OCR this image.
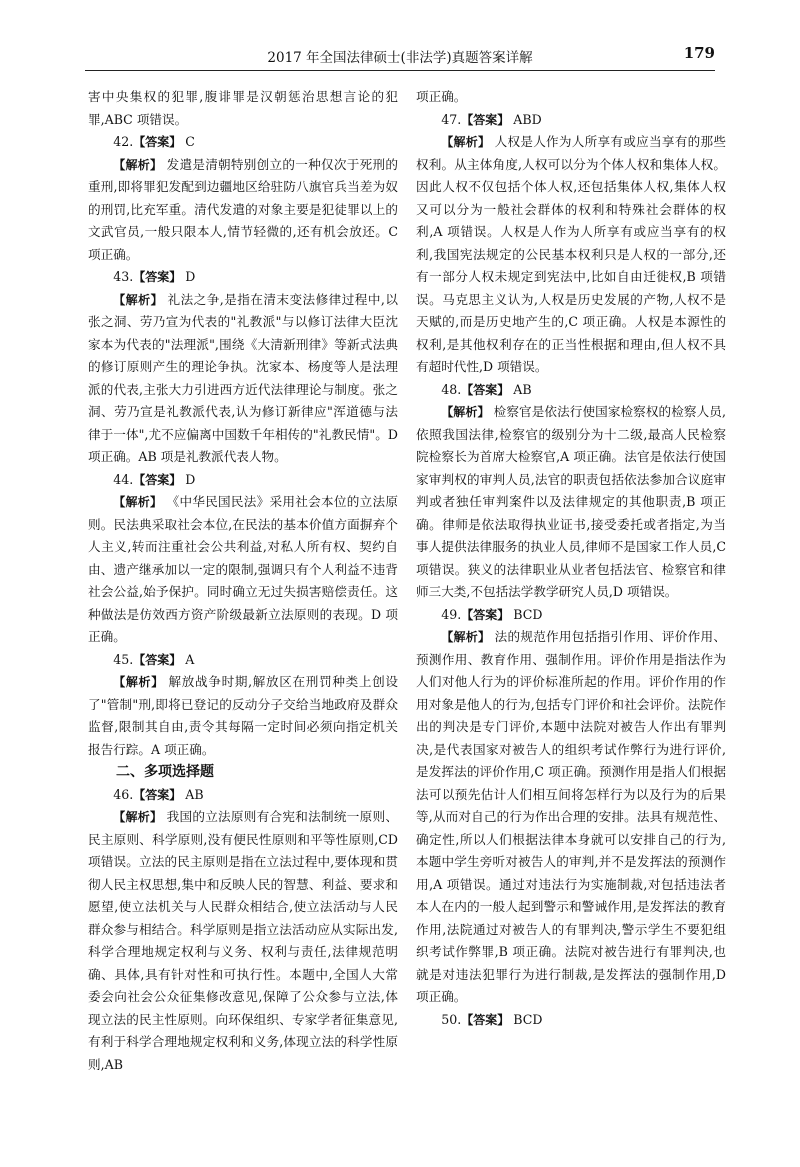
2017 年全国法律硕士(非法学)真题答案详解	179

害中央集权的犯罪,腹诽罪是汉朝惩治思想言论的犯罪,ABC 项错误。

42.【答案】 C

【解析】 发遣是清朝特别创立的一种仅次于死刑的重刑,即将罪犯发配到边疆地区给驻防八旗官兵当差为奴的刑罚,比充军重。清代发遣的对象主要是犯徒罪以上的文武官员,一般只限本人,情节轻微的,还有机会放还。C 项正确。

43.【答案】 D

【解析】 礼法之争,是指在清末变法修律过程中,以张之洞、劳乃宣为代表的"礼教派"与以修订法律大臣沈家本为代表的"法理派",围绕《大清新刑律》等新式法典的修订原则产生的理论争执。沈家本、杨度等人是法理派的代表,主张大力引进西方近代法律理论与制度。张之洞、劳乃宣是礼教派代表,认为修订新律应"浑道德与法律于一体",尤不应偏离中国数千年相传的"礼教民情"。D 项正确。AB 项是礼教派代表人物。

44.【答案】 D

【解析】 《中华民国民法》采用社会本位的立法原则。民法典采取社会本位,在民法的基本价值方面摒弃个人主义,转而注重社会公共利益,对私人所有权、契约自由、遗产继承加以一定的限制,强调只有个人利益不违背社会公益,始予保护。同时确立无过失损害赔偿责任。这种做法是仿效西方资产阶级最新立法原则的表现。D 项正确。

45.【答案】 A

【解析】 解放战争时期,解放区在刑罚种类上创设了"管制"刑,即将已登记的反动分子交给当地政府及群众监督,限制其自由,责令其每隔一定时间必须向指定机关报告行踪。A 项正确。

二、多项选择题
46.【答案】 AB

【解析】 我国的立法原则有合宪和法制统一原则、民主原则、科学原则,没有便民性原则和平等性原则,CD 项错误。立法的民主原则是指在立法过程中,要体现和贯彻人民主权思想,集中和反映人民的智慧、利益、要求和愿望,使立法机关与人民群众相结合,使立法活动与人民群众参与相结合。科学原则是指立法活动应从实际出发,科学合理地规定权利与义务、权利与责任,法律规范明确、具体,具有针对性和可执行性。本题中,全国人大常委会向社会公众征集修改意见,保障了公众参与立法,体现立法的民主性原则。向环保组织、专家学者征集意见,有利于科学合理地规定权利和义务,体现立法的科学性原则,AB

项正确。

47.【答案】 ABD

【解析】 人权是人作为人所享有或应当享有的那些权利。从主体角度,人权可以分为个体人权和集体人权。因此人权不仅包括个体人权,还包括集体人权,集体人权又可以分为一般社会群体的权利和特殊社会群体的权利,A 项错误。人权是人作为人所享有或应当享有的权利,我国宪法规定的公民基本权利只是人权的一部分,还有一部分人权未规定到宪法中,比如自由迁徙权,B 项错误。马克思主义认为,人权是历史发展的产物,人权不是天赋的,而是历史地产生的,C 项正确。人权是本源性的权利,是其他权利存在的正当性根据和理由,但人权不具有超时代性,D 项错误。

48.【答案】 AB

【解析】 检察官是依法行使国家检察权的检察人员,依照我国法律,检察官的级别分为十二级,最高人民检察院检察长为首席大检察官,A 项正确。法官是依法行使国家审判权的审判人员,法官的职责包括依法参加合议庭审判或者独任审判案件以及法律规定的其他职责,B 项正确。律师是依法取得执业证书,接受委托或者指定,为当事人提供法律服务的执业人员,律师不是国家工作人员,C 项错误。狭义的法律职业从业者包括法官、检察官和律师三大类,不包括法学教学研究人员,D 项错误。

49.【答案】 BCD

【解析】 法的规范作用包括指引作用、评价作用、预测作用、教育作用、强制作用。评价作用是指法作为人们对他人行为的评价标准所起的作用。评价作用的作用对象是他人的行为,包括专门评价和社会评价。法院作出的判决是专门评价,本题中法院对被告人作出有罪判决,是代表国家对被告人的组织考试作弊行为进行评价,是发挥法的评价作用,C 项正确。预测作用是指人们根据法可以预先估计人们相互间将怎样行为以及行为的后果等,从而对自己的行为作出合理的安排。法具有规范性、确定性,所以人们根据法律本身就可以安排自己的行为,本题中学生旁听对被告人的审判,并不是发挥法的预测作用,A 项错误。通过对违法行为实施制裁,对包括违法者本人在内的一般人起到警示和警诫作用,是发挥法的教育作用,法院通过对被告人的有罪判决,警示学生不要犯组织考试作弊罪,B 项正确。法院对被告进行有罪判决,也就是对违法犯罪行为进行制裁,是发挥法的强制作用,D 项正确。

50.【答案】 BCD
